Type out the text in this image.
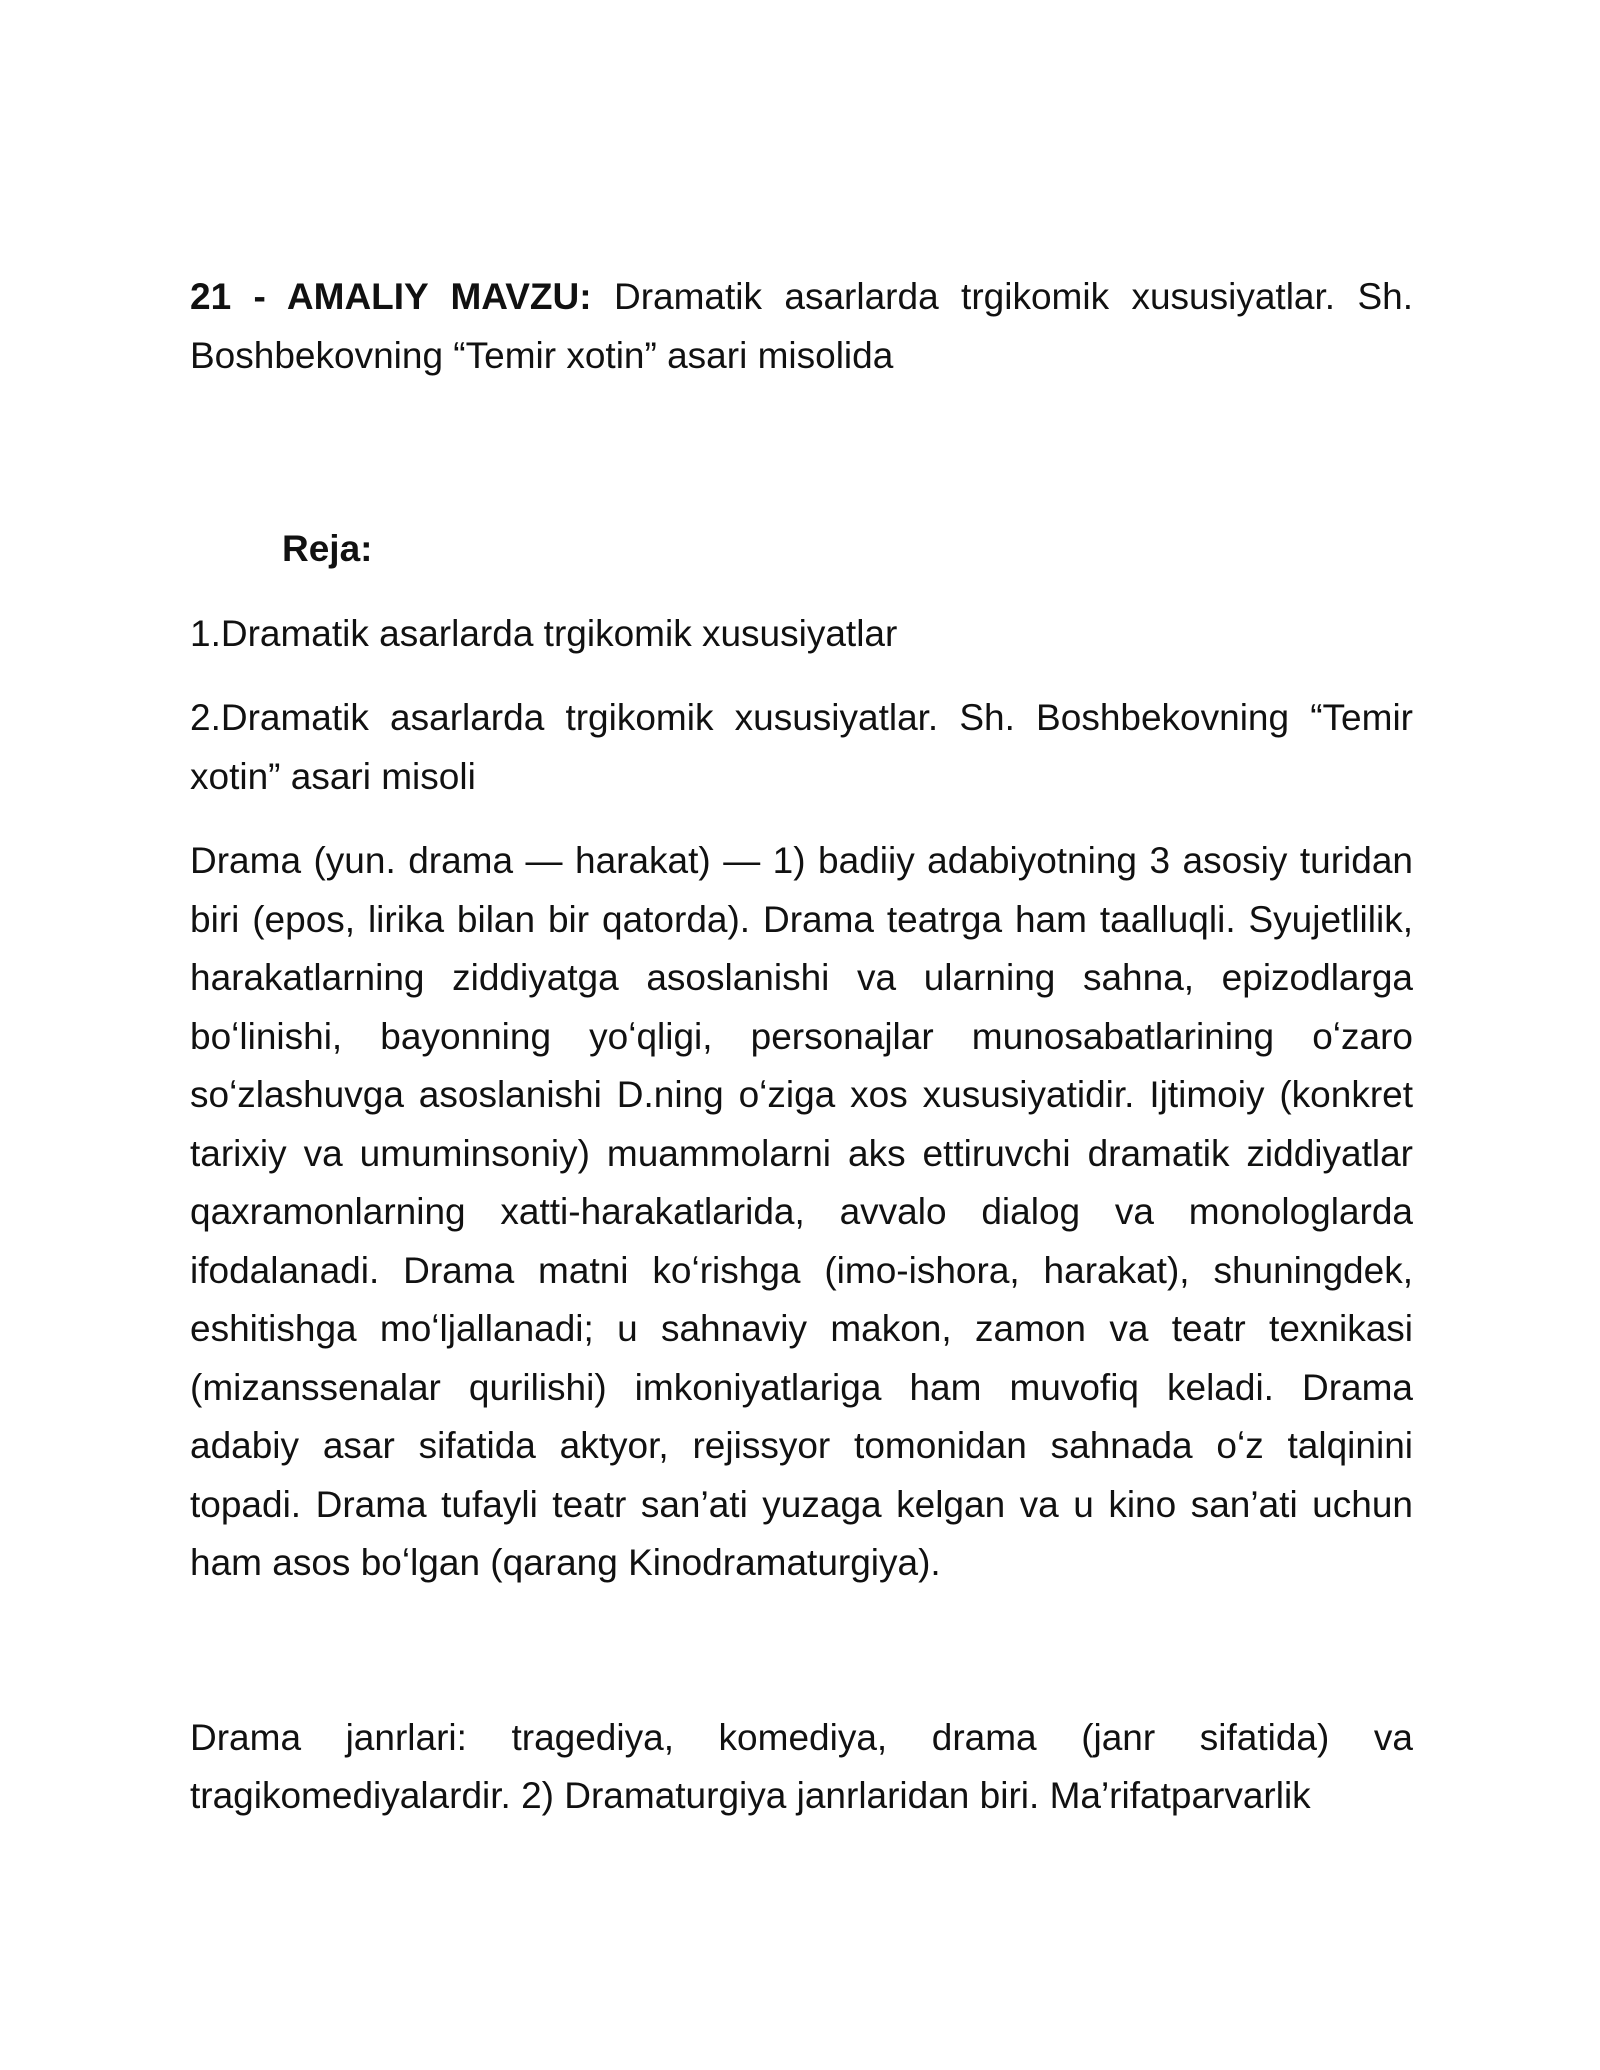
21 - AMALIY MAVZU: Dramatik asarlarda trgikomik xususiyatlar. Sh. Boshbekovning “Temir xotin” asari misolida

Reja:

1.Dramatik asarlarda trgikomik xususiyatlar

2.Dramatik asarlarda trgikomik xususiyatlar. Sh. Boshbekovning “Temir xotin” asari misoli

Drama (yun. drama — harakat) — 1) badiiy adabiyotning 3 asosiy turidan biri (epos, lirika bilan bir qatorda). Drama teatrga ham taalluqli. Syujetlilik, harakatlarning ziddiyatga asoslanishi va ularning sahna, epizodlarga boʻlinishi, bayonning yoʻqligi, personajlar munosabatlarining oʻzaro soʻzlashuvga asoslanishi D.ning oʻziga xos xususiyatidir. Ijtimoiy (konkret tarixiy va umuminsoniy) muammolarni aks ettiruvchi dramatik ziddiyatlar qaxramonlarning xatti-harakatlarida, avvalo dialog va monologlarda ifodalanadi. Drama matni koʻrishga (imo-ishora, harakat), shuningdek, eshitishga moʻljallanadi; u sahnaviy makon, zamon va teatr texnikasi (mizanssenalar qurilishi) imkoniyatlariga ham muvofiq keladi. Drama adabiy asar sifatida aktyor, rejissyor tomonidan sahnada oʻz talqinini topadi. Drama tufayli teatr san’ati yuzaga kelgan va u kino san’ati uchun ham asos boʻlgan (qarang Kinodramaturgiya).

Drama janrlari: tragediya, komediya, drama (janr sifatida) va tragikomediyalardir. 2) Dramaturgiya janrlaridan biri. Ma’rifatparvarlik
